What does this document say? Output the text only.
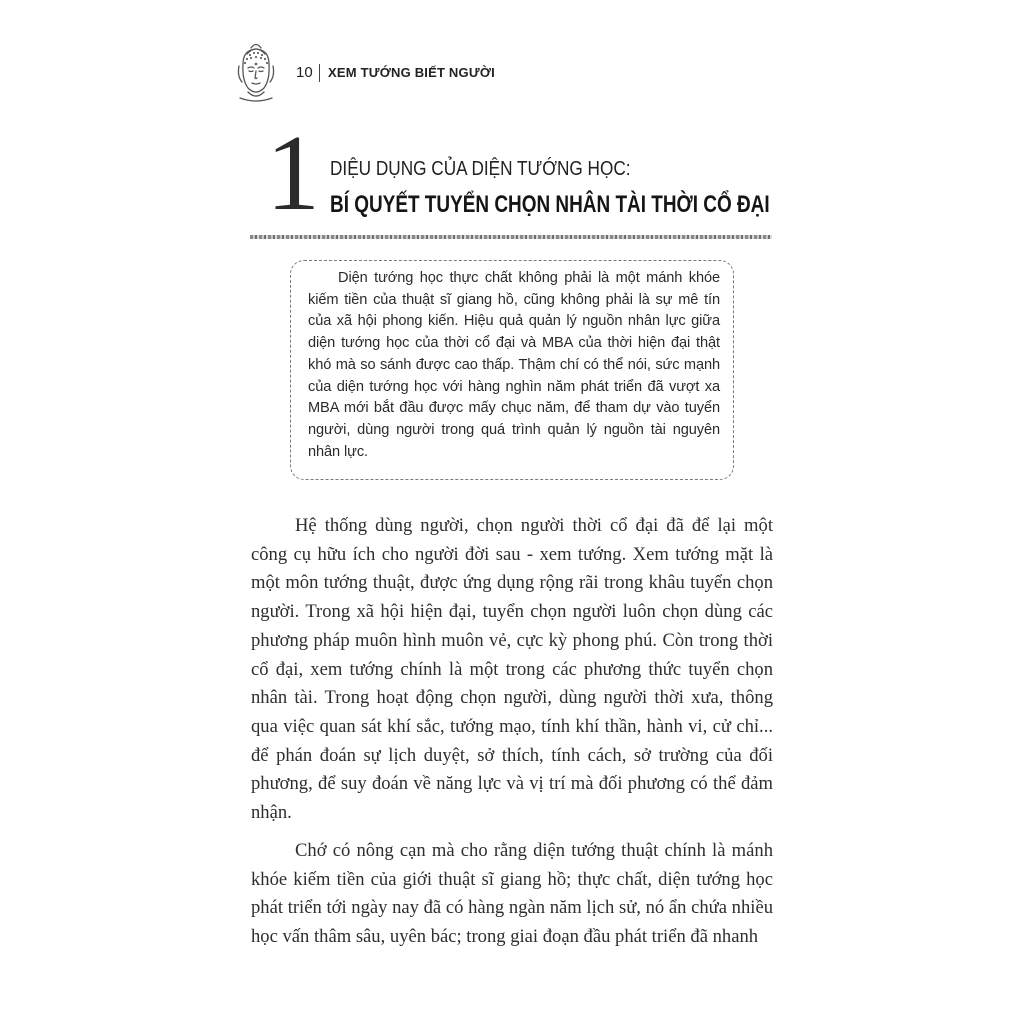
10 XEM TƯỚNG BIẾT NGƯỜI
1 DIỆU DỤNG CỦA DIỆN TƯỚNG HỌC:
BÍ QUYẾT TUYỂN CHỌN NHÂN TÀI THỜI CỔ ĐẠI
Diện tướng học thực chất không phải là một mánh khóe kiếm tiền của thuật sĩ giang hồ, cũng không phải là sự mê tín của xã hội phong kiến. Hiệu quả quản lý nguồn nhân lực giữa diện tướng học của thời cổ đại và MBA của thời hiện đại thật khó mà so sánh được cao thấp. Thậm chí có thể nói, sức mạnh của diện tướng học với hàng nghìn năm phát triển đã vượt xa MBA mới bắt đầu được mấy chục năm, để tham dự vào tuyển người, dùng người trong quá trình quản lý nguồn tài nguyên nhân lực.

Hệ thống dùng người, chọn người thời cổ đại đã để lại một công cụ hữu ích cho người đời sau - xem tướng. Xem tướng mặt là một môn tướng thuật, được ứng dụng rộng rãi trong khâu tuyển chọn người. Trong xã hội hiện đại, tuyển chọn người luôn chọn dùng các phương pháp muôn hình muôn vẻ, cực kỳ phong phú. Còn trong thời cổ đại, xem tướng chính là một trong các phương thức tuyển chọn nhân tài. Trong hoạt động chọn người, dùng người thời xưa, thông qua việc quan sát khí sắc, tướng mạo, tính khí thần, hành vi, cử chỉ... để phán đoán sự lịch duyệt, sở thích, tính cách, sở trường của đối phương, để suy đoán về năng lực và vị trí mà đối phương có thể đảm nhận.

Chớ có nông cạn mà cho rằng diện tướng thuật chính là mánh khóe kiếm tiền của giới thuật sĩ giang hồ; thực chất, diện tướng học phát triển tới ngày nay đã có hàng ngàn năm lịch sử, nó ẩn chứa nhiều học vấn thâm sâu, uyên bác; trong giai đoạn đầu phát triển đã nhanh
